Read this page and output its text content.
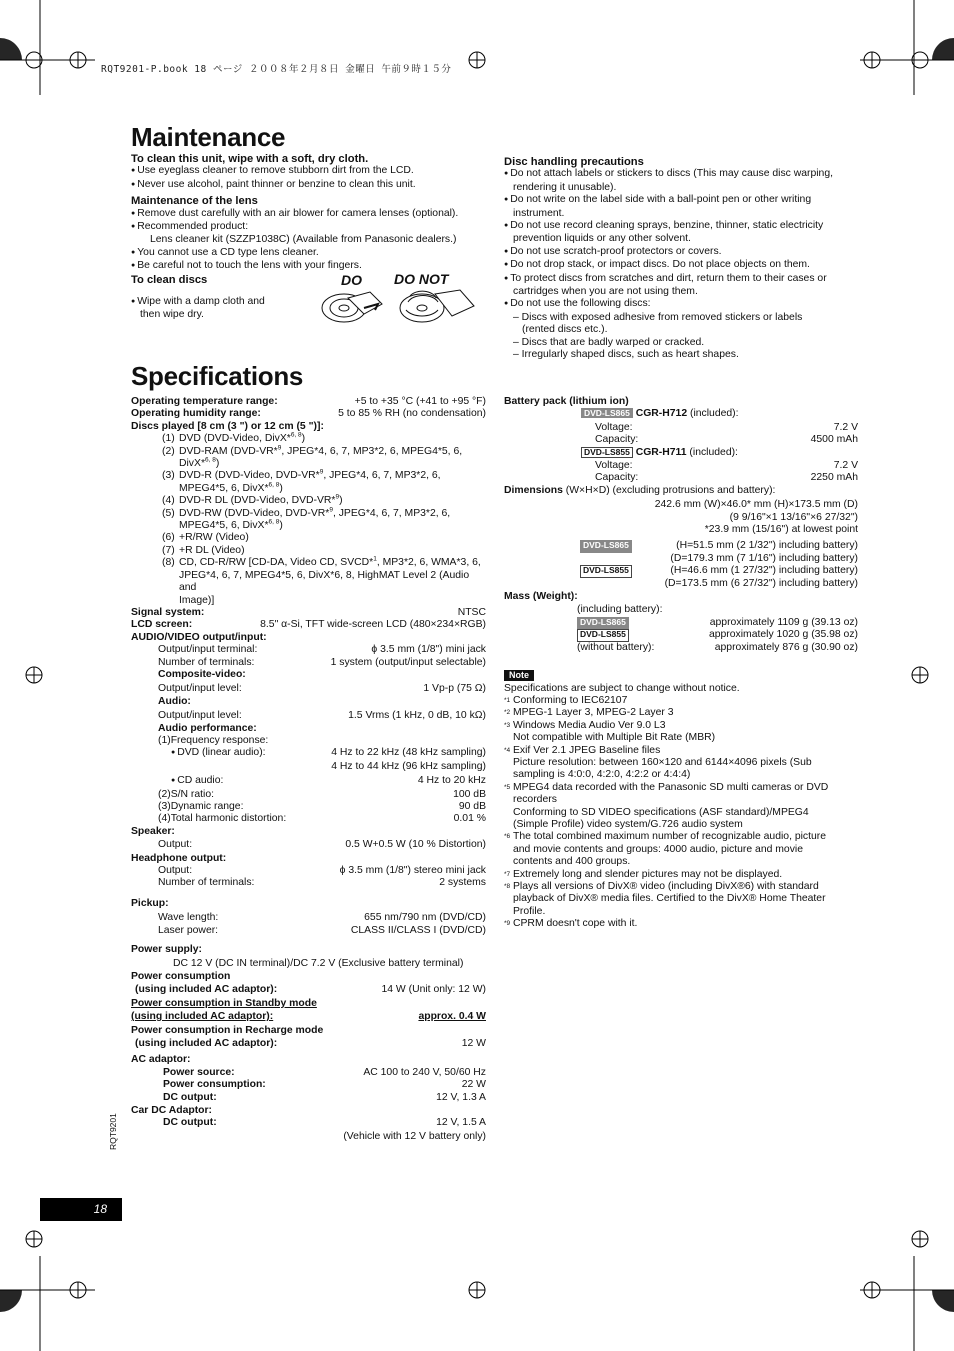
RQT9201-P.book 18 ページ ２００８年２月８日 金曜日 午前９時１５分
Maintenance
To clean this unit, wipe with a soft, dry cloth.
● Use eyeglass cleaner to remove stubborn dirt from the LCD.
● Never use alcohol, paint thinner or benzine to clean this unit.
Maintenance of the lens
● Remove dust carefully with an air blower for camera lenses (optional).
● Recommended product:
Lens cleaner kit (SZZP1038C) (Available from Panasonic dealers.)
● You cannot use a CD type lens cleaner.
● Be careful not to touch the lens with your fingers.
To clean discs
● Wipe with a damp cloth and
then wipe dry.
DO DO NOT
Disc handling precautions
● Do not attach labels or stickers to discs (This may cause disc warping,
rendering it unusable).
● Do not write on the label side with a ball-point pen or other writing
instrument.
● Do not use record cleaning sprays, benzine, thinner, static electricity
prevention liquids or any other solvent.
● Do not use scratch-proof protectors or covers.
● Do not drop stack, or impact discs. Do not place objects on them.
● To protect discs from scratches and dirt, return them to their cases or
cartridges when you are not using them.
● Do not use the following discs:
– Discs with exposed adhesive from removed stickers or labels
(rented discs etc.).
– Discs that are badly warped or cracked.
– Irregularly shaped discs, such as heart shapes.
Specifications
Operating temperature range:	+5 to +35 °C (+41 to +95 °F)
Operating humidity range:	5 to 85 % RH (no condensation)
Discs played [8 cm (3 ") or 12 cm (5 ")]:
(1) DVD (DVD-Video, DivX*$^{6, 8}$)
(2) DVD-RAM (DVD-VR*$^9$, JPEG*4, 6, 7, MP3*2, 6, MPEG4*5, 6,
DivX*$^{6, 8}$)
(3) DVD-R (DVD-Video, DVD-VR*$^9$, JPEG*4, 6, 7, MP3*2, 6,
MPEG4*5, 6, DivX*$^{6, 8}$)
(4) DVD-R DL (DVD-Video, DVD-VR*$^9$)
(5) DVD-RW (DVD-Video, DVD-VR*$^9$, JPEG*4, 6, 7, MP3*2, 6,
MPEG4*5, 6, DivX*$^{6, 8}$)
(6) +R/RW (Video)
(7) +R DL (Video)
(8) CD, CD-R/RW [CD-DA, Video CD, SVCD*$^1$, MP3*2, 6, WMA*3, 6,
JPEG*4, 6, 7, MPEG4*5, 6, DivX*6, 8, HighMAT Level 2 (Audio and
Image)]
Signal system:	NTSC
LCD screen:	8.5" α-Si, TFT wide-screen LCD (480×234×RGB)
AUDIO/VIDEO output/input:
Output/input terminal:	ϕ 3.5 mm (1/8") mini jack
Number of terminals:	1 system (output/input selectable)
Composite-video:
Output/input level:	1 Vp-p (75 Ω)
Audio:
Output/input level:	1.5 Vrms (1 kHz, 0 dB, 10 kΩ)
Audio performance:
(1)Frequency response:
● DVD (linear audio):	4 Hz to 22 kHz (48 kHz sampling)
4 Hz to 44 kHz (96 kHz sampling)
● CD audio:	4 Hz to 20 kHz
(2)S/N ratio:	100 dB
(3)Dynamic range:	90 dB
(4)Total harmonic distortion:	0.01 %
Speaker:
Output:	0.5 W+0.5 W (10 % Distortion)
Headphone output:
Output:	ϕ 3.5 mm (1/8") stereo mini jack
Number of terminals:	2 systems
Pickup:
Wave length:	655 nm/790 nm (DVD/CD)
Laser power:	CLASS II/CLASS I (DVD/CD)
Power supply:
DC 12 V (DC IN terminal)/DC 7.2 V (Exclusive battery terminal)
Power consumption
(using included AC adaptor):	14 W (Unit only: 12 W)
Power consumption in Standby mode
(using included AC adaptor):	approx. 0.4 W
Power consumption in Recharge mode
(using included AC adaptor):	12 W
AC adaptor:
Power source:	AC 100 to 240 V, 50/60 Hz
Power consumption:	22 W
DC output:	12 V, 1.3 A
Car DC Adaptor:
DC output:	12 V, 1.5 A
(Vehicle with 12 V battery only)
Battery pack (lithium ion)
DVD-LS865 CGR-H712 (included):
Voltage:	7.2 V
Capacity:	4500 mAh
DVD-LS855 CGR-H711 (included):
Voltage:	7.2 V
Capacity:	2250 mAh
Dimensions (W×H×D) (excluding protrusions and battery):
242.6 mm (W)×46.0* mm (H)×173.5 mm (D)
(9 9/16"×1 13/16"×6 27/32")
*23.9 mm (15/16") at lowest point
DVD-LS865	(H=51.5 mm (2 1/32") including battery)
(D=179.3 mm (7 1/16") including battery)
DVD-LS855	(H=46.6 mm (1 27/32") including battery)
(D=173.5 mm (6 27/32") including battery)
Mass (Weight):
(including battery):
DVD-LS865	approximately 1109 g (39.13 oz)
DVD-LS855	approximately 1020 g (35.98 oz)
(without battery):	approximately 876 g (30.90 oz)
Note
Specifications are subject to change without notice.
*1 Conforming to IEC62107
*2 MPEG-1 Layer 3, MPEG-2 Layer 3
*3 Windows Media Audio Ver 9.0 L3
Not compatible with Multiple Bit Rate (MBR)
*4 Exif Ver 2.1 JPEG Baseline files
Picture resolution: between 160×120 and 6144×4096 pixels (Sub
sampling is 4:0:0, 4:2:0, 4:2:2 or 4:4:4)
*5 MPEG4 data recorded with the Panasonic SD multi cameras or DVD
recorders
Conforming to SD VIDEO specifications (ASF standard)/MPEG4
(Simple Profile) video system/G.726 audio system
*6 The total combined maximum number of recognizable audio, picture
and movie contents and groups: 4000 audio, picture and movie
contents and 400 groups.
*7 Extremely long and slender pictures may not be displayed.
*8 Plays all versions of DivX® video (including DivX®6) with standard
playback of DivX® media files. Certified to the DivX® Home Theater
Profile.
*9 CPRM doesn't cope with it.
RQT9201
18
